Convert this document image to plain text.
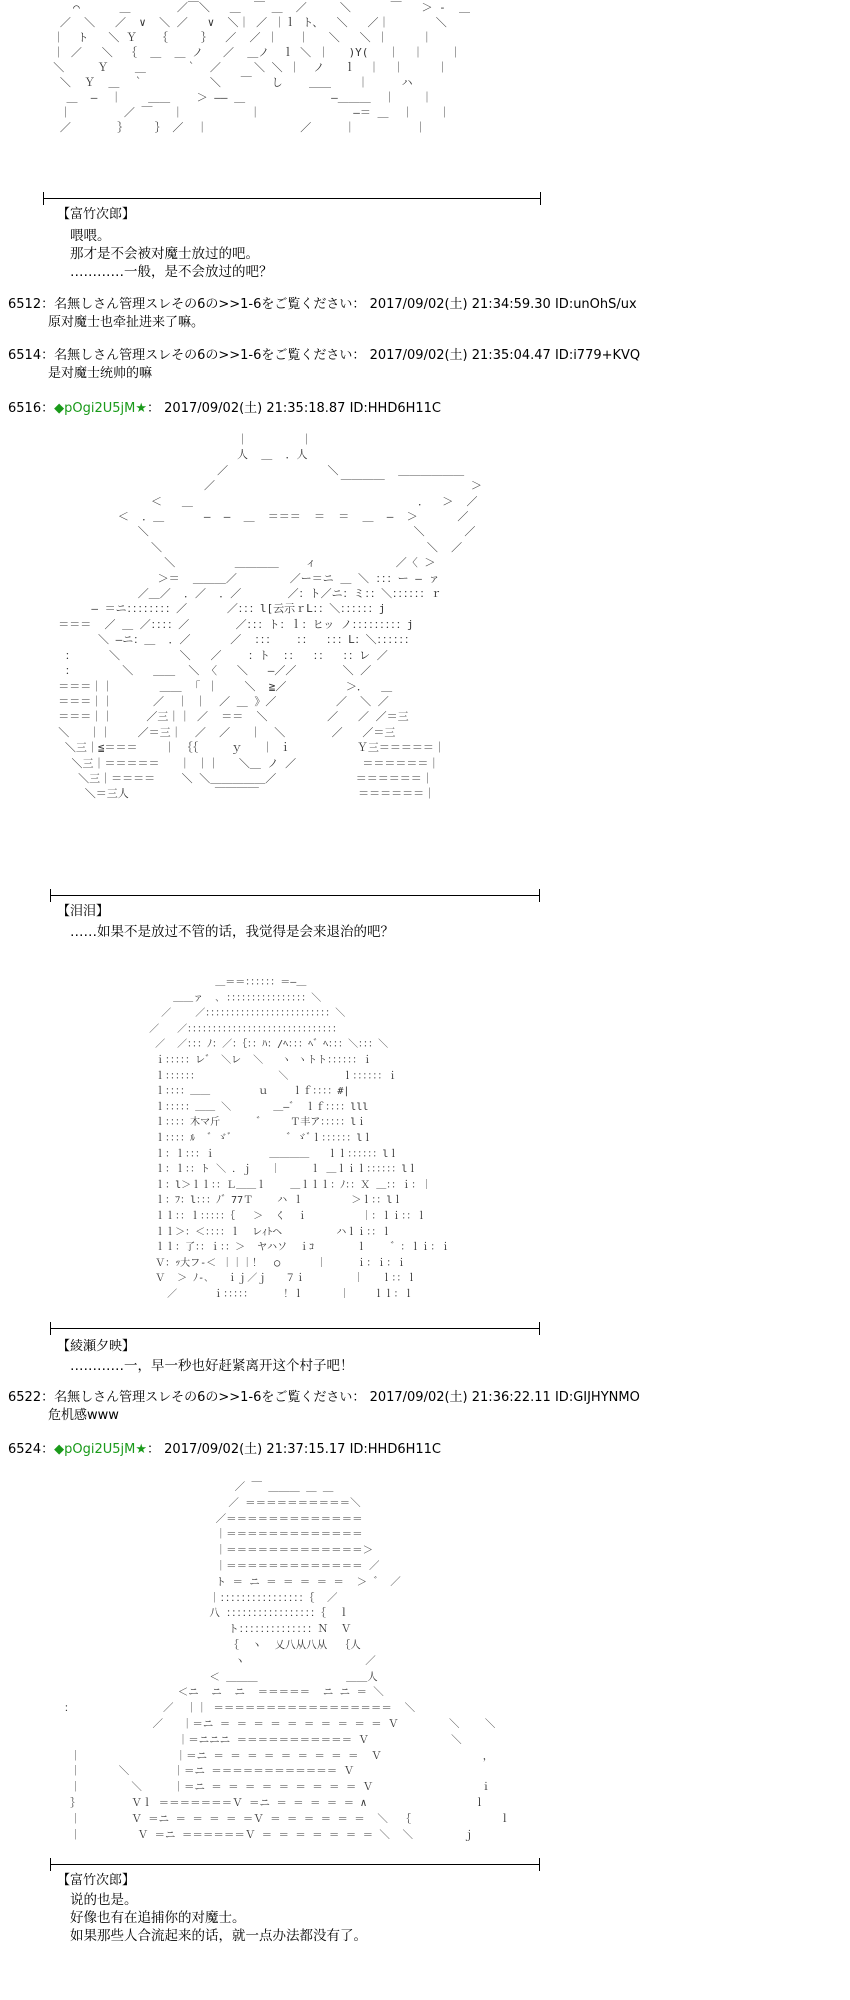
⌒      ＿       ／￣＼   ＿  ￣ ＿  ／     ＼      ￣   ＞ ‐  ＿
／  ＼   ／  ∨  ＼ ／   ∨  ＼｜ ／ ｜ｌ ト、  ＼   ／｜       ＼
｜  ト   ＼ Ｙ   ｛     ｝  ／  ／ ｜   ｜   ＼   ＼ ｜     ｜
｜ ／   ＼  ｛  ＿  ＿ ノ   ／  ＿ノ  ｌ ＼ ｜   )Y(   ｜  ｜    ｜
＼     Ｙ    ＿      ｀  ／     ＼ ＼ ｜  ノ   ｌ  ｜  ｜     ｜
＼  Ｙ  ＿  ｀          ＼   ￣   し    ＿＿    ｜     ハ
＿  ―  ｜    ＿＿    ＞ ―― ＿             ―＿＿＿  ｜    ｜
｜        ／ ￣   ｜          ｜              ―＝ ＿  ｜    ｜
／       ｝    ｝ ／  ｜              ／     ｜         ｜
【富竹次郎】
喂喂。
那才是不会被对魔士放过的吧。
…………一般，是不会放过的吧？
6512：名無しさん管理スレその6の>>1-6をご覧ください： 2017/09/02(土) 21:34:59.30 ID:unOhS/ux
原对魔士也牵扯进来了嘛。
6514：名無しさん管理スレその6の>>1-6をご覧ください： 2017/09/02(土) 21:35:04.47 ID:i779+KVQ
是对魔士统帅的嘛
6516：◆pOgi2U5jM★： 2017/09/02(土) 21:35:18.87 ID:HHD6H11C
｜        ｜
人  ＿  ．人
／               ＼         ＿＿＿＿＿＿
／                   ￣￣￣￣             ＞
＜   ＿                                  ．  ＞  ／
＜  ．＿      ―  ―  ＿  ＝＝＝  ＝  ＝  ＿  ―  ＞      ／
＼                                        ＼      ／
＼                                        ＼  ／
＼         ＿＿＿＿    ィ            ／〈 ＞
＞＝  ＿＿＿／        ／ー＝ニ ＿ ＼ ：：：ー ― ァ
／＿／  ．／  ．／       ／：ト／ニ：ミ：：＼：：：：：：ｒ
― ＝ニ：：：：：：：：／      ／：：：l[云示ｒL：：＼：：：：：：j
＝＝＝  ／ ＿ ／：：：：／       ／：：：ト：ｌ：ヒッ ノ：：：：：：：：：j
＼ ―ニ：＿  ．／      ／  ：：：   ：：  ：：：L：＼：：：：：：
：     ＼         ＼   ／    ：ト  ：：  ：：  ：：レ ／
：       ＼   ＿＿  ＼ 〈   ＼   ―／／       ＼ ／
＝＝＝｜｜       ＿＿  ｢ ｜    ＼  ≧／         ＞．  ＿
＝＝＝｜｜      ／  ｜ ｜  ／ ＿ 》／         ／  ＼ ／
＝＝＝｜｜     ／三｜｜ ／  ＝＝  ＼         ／   ／ ／＝三
＼   ｜｜    ／＝三｜  ／  ／   ｜  ＼       ／   ／＝三
＼三｜≦＝＝＝    ｜ ｛｛     ｙ   ｜ ｉ          Ｙ三＝＝＝＝＝｜
＼三｜＝＝＝＝＝   ｜ ｜｜   ＼＿ ノ ／          ＝＝＝＝＝＝｜
＼三｜＝＝＝＝    ＼ ＼＿＿＿＿＿／            ＝＝＝＝＝＝｜
＼＝三人             ￣￣￣￣               ＝＝＝＝＝＝｜
【泪泪】
……如果不是放过不管的话，我觉得是会来退治的吧？
＿＝＝：：：：：：＝―＿
＿＿ァ  ､ ：：：：：：：：：：：：：：：：＼
／    ／：：：：：：：：：：：：：：：：：：：：：：：：：＼
／   ／：：：：：：：：：：：：：：：：：：：：：：：：：：：：：：
／  ／：：：ﾉ：／：｛：：ﾊ：/ﾍ：：：ﾍ゛ﾍ：：：＼：：：＼
ｉ：：：：：レ゛ ＼レ  ＼   ヽ ヽトト：：：：：：ｉ
ｌ：：：：：：             ＼         ｌ：：：：：：ｉ
ｌ：：：：＿＿        ｕ    ｌｆ：：：：#|
ｌ：：：：：＿＿ ＼       ＿―゛ ｌｆ：：：：lll
ｌ：：：：木マ斤      ゛    Ｔ丰ア：：：：：lｉ
ｌ：：：：ﾙ  ゛ゞﾞ         ゛ゞﾞｌ：：：：：：lｌ
ｌ：ｌ：：：ｉ         ＿＿＿＿   ｌｌ：：：：：：lｌ
ｌ：ｌ：：ト ＼ ．ｊ   ｜     ｌ ＿ｌｉｌ：：：：：：lｌ
ｌ：l＞ｌｌ：：Ｌ＿＿ｌ    ＿ｌｌｌ：ﾉ：：Ｘ ＿：：ｉ：｜
ｌ：ﾌ：l：：：ﾉ゛77Ｔ    ハ ｌ        ＞ｌ：：lｌ
ｌｌ：：ｌ：：：：：｛   ＞  く  ｉ         ｜：ｌｉ：：ｌ
ｌｌ＞：＜：：：：ｌ  レｨﾄヘ         ハｌｉ：：ｌ
ｌｌ：了：：ｉ：：＞  ヤハソ  ｉｺ       ｌ    ゛：ｌｉ：ｉ
Ｖ：ｯ大フ-＜ ｜｜｜！  ◯      ｜     ｉ：ｉ：ｉ
Ｖ  ＞ ﾉ-､   ｉｊ／ｊ   ７ｉ        ｜   ｌ：：ｌ
／      ｉ：：：：：     ！ｌ      ｜    ｌｌ：ｌ
【綾瀬夕映】
…………一，早一秒也好赶紧离开这个村子吧！
6522：名無しさん管理スレその6の>>1-6をご覧ください： 2017/09/02(土) 21:36:22.11 ID:GIJHYNMO
危机感www
6524：◆pOgi2U5jM★： 2017/09/02(土) 21:37:15.17 ID:HHD6H11C
／ ￣ ＿＿＿ ＿ ＿
／ ＝＝＝＝＝＝＝＝＝＝＼
／＝＝＝＝＝＝＝＝＝＝＝＝＝
｜＝＝＝＝＝＝＝＝＝＝＝＝＝
｜＝＝＝＝＝＝＝＝＝＝＝＝＝＞
｜＝＝＝＝＝＝＝＝＝＝＝＝＝ ／
ト ＝ ニ ＝ ＝ ＝ ＝ ＝  ＞ ゛ ／
｜：：：：：：：：：：：：：：：：｛  ／
八 ：：：：：：：：：：：：：：：：：｛  ｌ
ト：：：：：：：：：：：：：：Ｎ  Ｖ
｛  ヽ  乂八从八从  ｛人
ヽ                   ／
＜ ＿＿＿              ＿＿人
＜ニ  ニ  ニ  ＝＝＝＝＝  ニ ニ ＝ ＼
：              ／  ｜｜ ＝＝＝＝＝＝＝＝＝＝＝＝＝＝＝＝＝  ＼
／   ｜＝ニ ＝ ＝ ＝ ＝ ＝ ＝ ＝ ＝ ＝ ＝ Ｖ        ＼    ＼
｜＝ニニニ ＝＝＝＝＝＝＝＝＝＝＝ Ｖ             ＼
｜               ｜＝ニ ＝ ＝ ＝ ＝ ＝ ＝ ＝ ＝ ＝  Ｖ                ，
｜      ＼       ｜＝ニ ＝＝＝＝＝＝＝＝＝＝＝＝ Ｖ
｜        ＼     ｜＝ニ ＝ ＝ ＝ ＝ ＝ ＝ ＝ ＝ ＝ Ｖ                 ｉ
｝        Ｖｌ ＝＝＝＝＝＝＝Ｖ ＝ニ ＝ ＝ ＝ ＝ ＝ ∧                 ｌ
｜        Ｖ ＝ニ ＝ ＝ ＝ ＝ ＝Ｖ ＝ ＝ ＝ ＝ ＝ ＝  ＼  ｛              ｌ
｜         Ｖ ＝ニ ＝＝＝＝＝＝Ｖ ＝ ＝ ＝ ＝ ＝ ＝ ＝ ＼  ＼        ｊ
【富竹次郎】
说的也是。
好像也有在追捕你的对魔士。
如果那些人合流起来的话，就一点办法都没有了。
